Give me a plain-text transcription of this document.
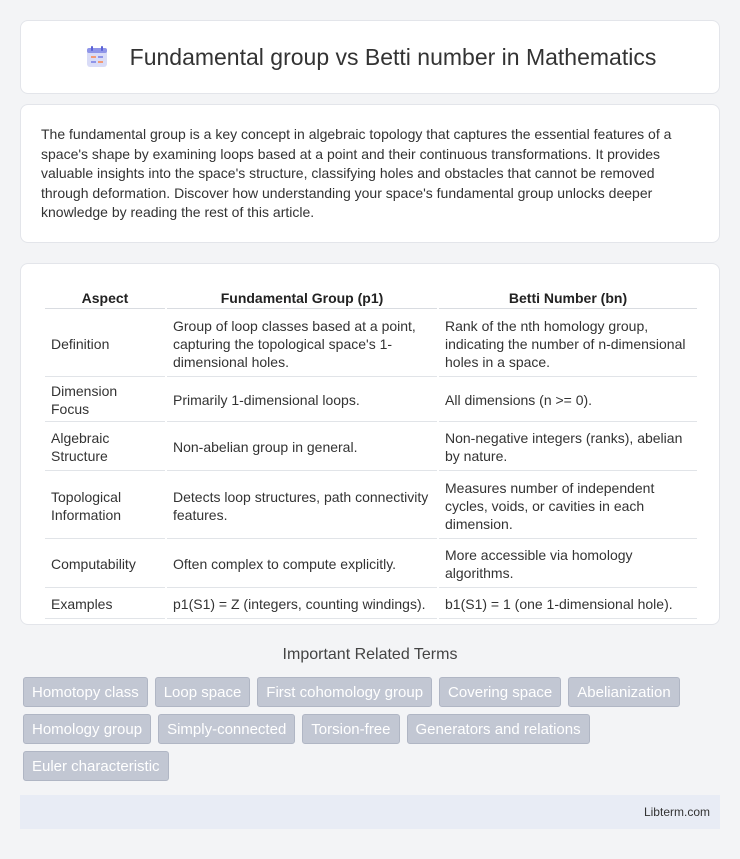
Fundamental group vs Betti number in Mathematics

The fundamental group is a key concept in algebraic topology that captures the essential features of a space's shape by examining loops based at a point and their continuous transformations. It provides valuable insights into the space's structure, classifying holes and obstacles that cannot be removed through deformation. Discover how understanding your space's fundamental group unlocks deeper knowledge by reading the rest of this article.

Aspect	Fundamental Group (p1)	Betti Number (bn)
Definition	Group of loop classes based at a point, capturing the topological space's 1-dimensional holes.	Rank of the nth homology group, indicating the number of n-dimensional holes in a space.
Dimension Focus	Primarily 1-dimensional loops.	All dimensions (n >= 0).
Algebraic Structure	Non-abelian group in general.	Non-negative integers (ranks), abelian by nature.
Topological Information	Detects loop structures, path connectivity features.	Measures number of independent cycles, voids, or cavities in each dimension.
Computability	Often complex to compute explicitly.	More accessible via homology algorithms.
Examples	p1(S1) = Z (integers, counting windings).	b1(S1) = 1 (one 1-dimensional hole).
Important Related Terms
Homotopy class	Loop space	First cohomology group	Covering space	Abelianization
Homology group	Simply-connected	Torsion-free	Generators and relations
Euler characteristic
Libterm.com
